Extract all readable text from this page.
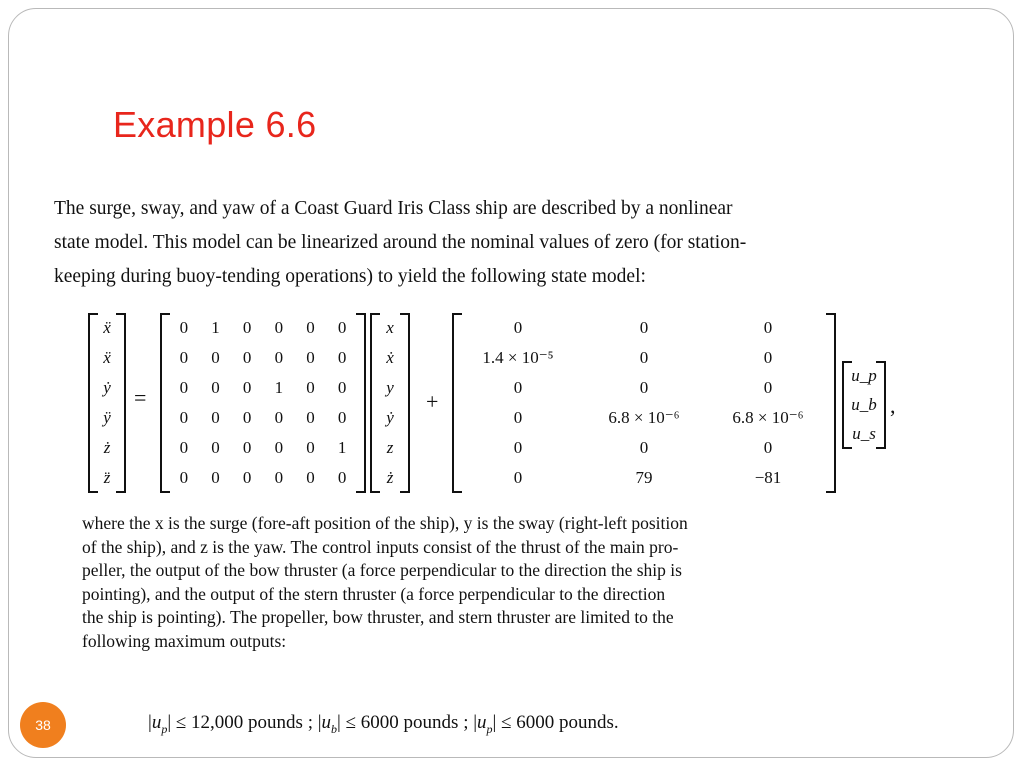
Example 6.6
The surge, sway, and yaw of a Coast Guard Iris Class ship are described by a nonlinear
state model. This model can be linearized around the nominal values of zero (for station-
keeping during buoy-tending operations) to yield the following state model:
ẍ
ẍ
ẏ
ÿ
ż
z̈
=
0	1	0	0	0	0
0	0	0	0	0	0
0	0	0	1	0	0
0	0	0	0	0	0
0	0	0	0	0	1
0	0	0	0	0	0
x
ẋ
y
ẏ
z
ż
+
0	0	0
1.4 × 10⁻⁵	0	0
0	0	0
0	6.8 × 10⁻⁶	6.8 × 10⁻⁶
0	0	0
0	79	−81
u_p
u_b
u_s
,
where the x is the surge (fore-aft position of the ship), y is the sway (right-left position
of the ship), and z is the yaw. The control inputs consist of the thrust of the main pro-
peller, the output of the bow thruster (a force perpendicular to the direction the ship is
pointing), and the output of the stern thruster (a force perpendicular to the direction
the ship is pointing). The propeller, bow thruster, and stern thruster are limited to the
following maximum outputs:
$|u_p| \le 12,000$ pounds ; $|u_b| \le 6000$ pounds ; $|u_p| \le 6000$ pounds.
38
